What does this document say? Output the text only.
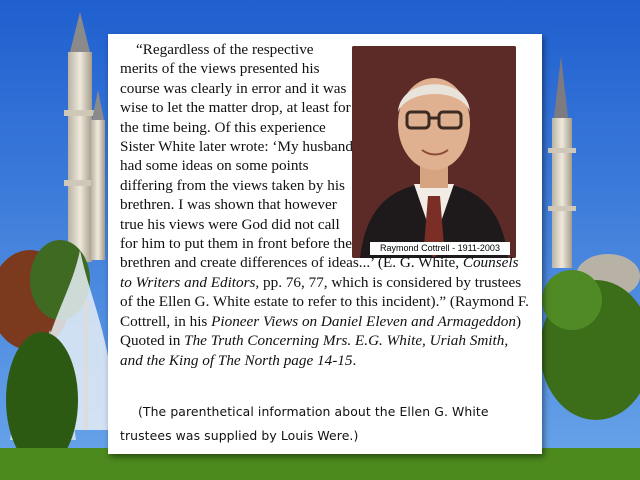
Raymond Cottrell - 1911-2003

“Regardless of the respective merits of the views presented his course was clearly in error and it was wise to let the matter drop, at least for the time being. Of this experience Sister White later wrote: ‘My husband had some ideas on some points differing from the views taken by his brethren. I was shown that however true his views were God did not call for him to put them in front before the brethren and create differences of ideas...’ (E. G. White, Counsels to Writers and Editors, pp. 76, 77, which is considered by trustees of the Ellen G. White estate to refer to this incident).” (Raymond F. Cottrell, in his Pioneer Views on Daniel Eleven and Armageddon) Quoted in The Truth Concerning Mrs. E.G. White, Uriah Smith, and the King of The North page 14-15.

(The parenthetical information about the Ellen G. White trustees was supplied by Louis Were.)
